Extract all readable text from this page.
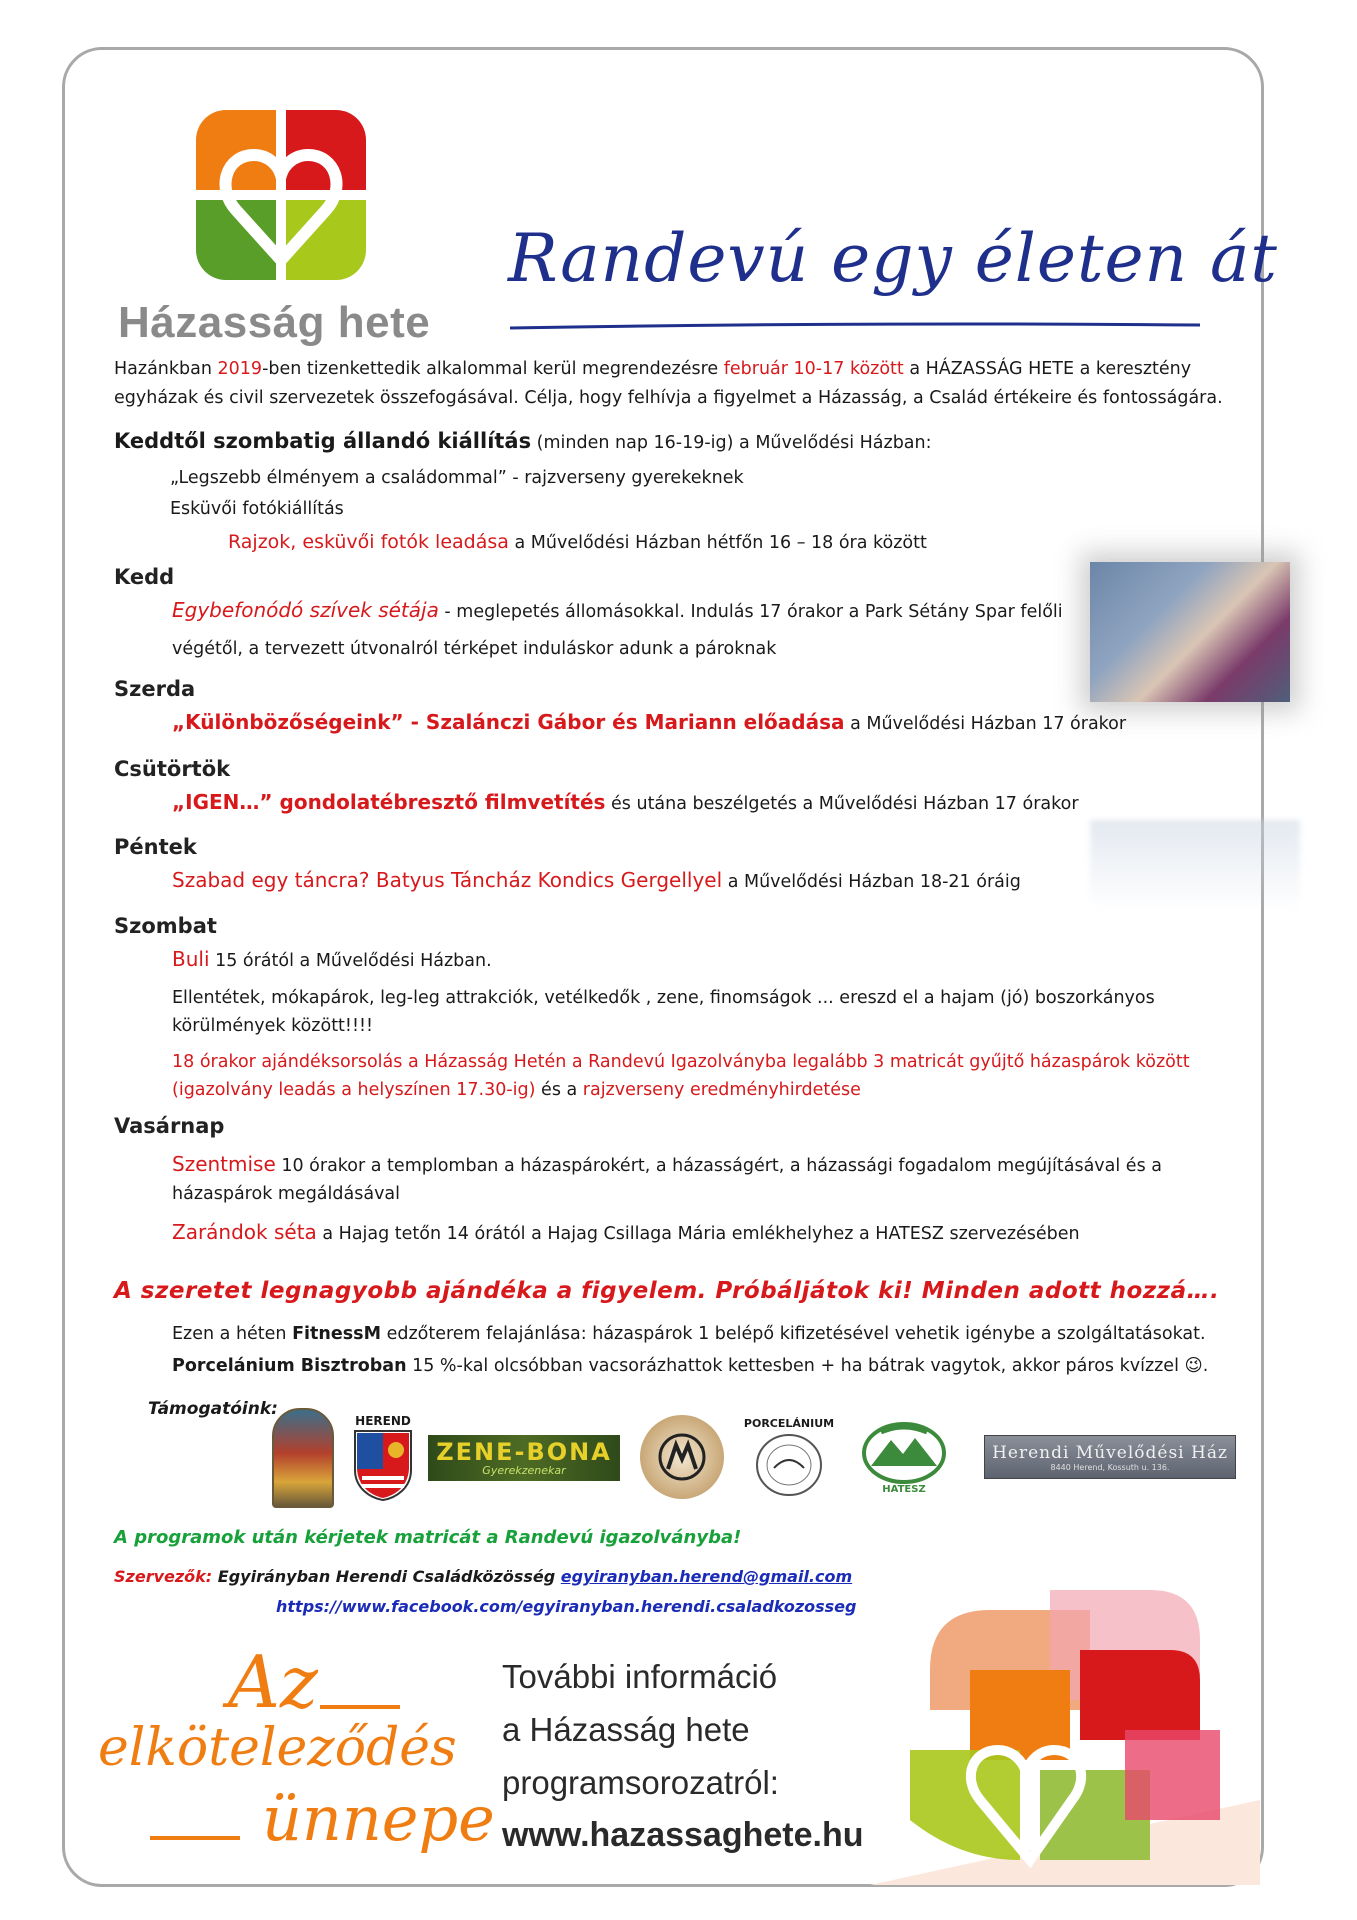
Házasság hete
Randevú egy életen át
Hazánkban 2019-ben tizenkettedik alkalommal kerül megrendezésre február 10-17 között a HÁZASSÁG HETE a keresztény egyházak és civil szervezetek összefogásával. Célja, hogy felhívja a figyelmet a Házasság, a Család értékeire és fontosságára.
Keddtől szombatig állandó kiállítás (minden nap 16-19-ig) a Művelődési Házban:
„Legszebb élményem a családommal” - rajzverseny gyerekeknek
Esküvői fotókiállítás
Rajzok, esküvői fotók leadása a Művelődési Házban hétfőn 16 – 18 óra között
Kedd
Egybefonódó szívek sétája - meglepetés állomásokkal. Indulás 17 órakor a Park Sétány Spar felőli
végétől, a tervezett útvonalról térképet induláskor adunk a pároknak
Szerda
„Különbözőségeink” - Szalánczi Gábor és Mariann előadása a Művelődési Házban 17 órakor
Csütörtök
„IGEN…” gondolatébresztő filmvetítés és utána beszélgetés a Művelődési Házban 17 órakor
Péntek
Szabad egy táncra? Batyus Táncház Kondics Gergellyel a Művelődési Házban 18-21 óráig
Szombat
Buli 15 órától a Művelődési Házban.
Ellentétek, mókapárok, leg-leg attrakciók, vetélkedők , zene, finomságok ... ereszd el a hajam (jó) boszorkányos körülmények között!!!!
18 órakor ajándéksorsolás a Házasság Hetén a Randevú Igazolványba legalább 3 matricát gyűjtő házaspárok között (igazolvány leadás a helyszínen 17.30-ig) és a rajzverseny eredményhirdetése
Vasárnap
Szentmise 10 órakor a templomban a házaspárokért, a házasságért, a házassági fogadalom megújításával és a házaspárok megáldásával
Zarándok séta a Hajag tetőn 14 órától a Hajag Csillaga Mária emlékhelyhez a HATESZ szervezésében
A szeretet legnagyobb ajándéka a figyelem. Próbáljátok ki! Minden adott hozzá….
Ezen a héten FitnessM edzőterem felajánlása: házaspárok 1 belépő kifizetésével vehetik igénybe a szolgáltatásokat.
Porcelánium Bisztroban 15 %-kal olcsóbban vacsorázhattok kettesben + ha bátrak vagytok, akkor páros kvízzel 😉.
Támogatóink:
HEREND
ZENE-BONA
Gyerekzenekar
PORCELÁNIUM
HATESZ
Herendi Művelődési Ház
8440 Herend, Kossuth u. 136.
A programok után kérjetek matricát a Randevú igazolványba!
Szervezők: Egyirányban Herendi Családközösség egyiranyban.herend@gmail.com
https://www.facebook.com/egyiranyban.herendi.csaladkozosseg
Az
elköteleződés
ünnepe
További információ
a Házasság hete
programsorozatról:
www.hazassaghete.hu
